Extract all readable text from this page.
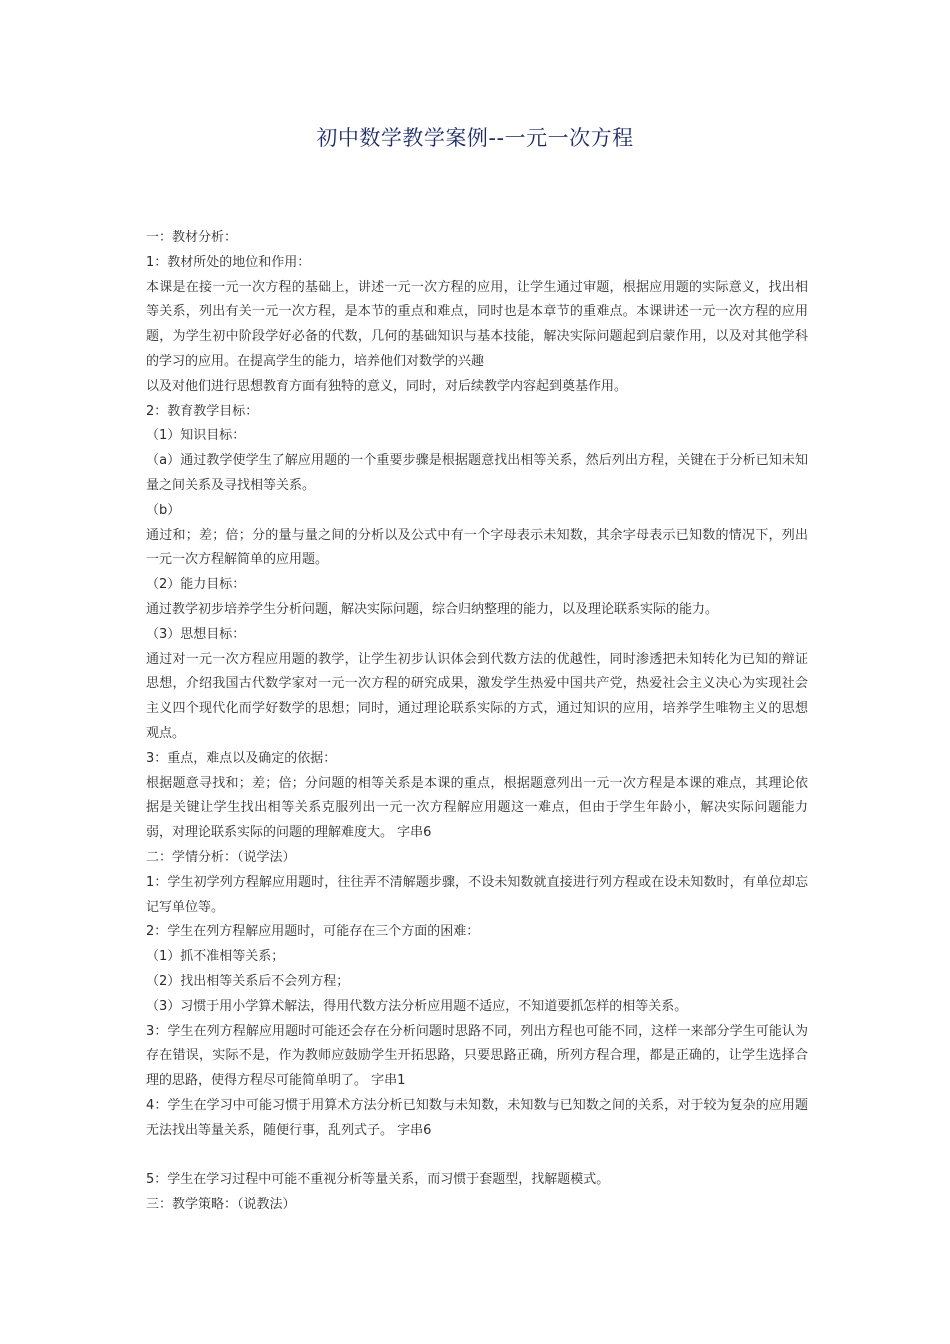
初中数学教学案例--一元一次方程

一：教材分析：

1：教材所处的地位和作用：

本课是在接一元一次方程的基础上，讲述一元一次方程的应用，让学生通过审题，根据应用题的实际意义，找出相等关系，列出有关一元一次方程，是本节的重点和难点，同时也是本章节的重难点。本课讲述一元一次方程的应用题，为学生初中阶段学好必备的代数，几何的基础知识与基本技能，解决实际问题起到启蒙作用，以及对其他学科的学习的应用。在提高学生的能力，培养他们对数学的兴趣

以及对他们进行思想教育方面有独特的意义，同时，对后续教学内容起到奠基作用。

2：教育教学目标：

（1）知识目标：

（a）通过教学使学生了解应用题的一个重要步骤是根据题意找出相等关系，然后列出方程，关键在于分析已知未知量之间关系及寻找相等关系。

（b）

通过和；差；倍；分的量与量之间的分析以及公式中有一个字母表示未知数，其余字母表示已知数的情况下，列出一元一次方程解简单的应用题。

（2）能力目标：

通过教学初步培养学生分析问题，解决实际问题，综合归纳整理的能力，以及理论联系实际的能力。

（3）思想目标：

通过对一元一次方程应用题的教学，让学生初步认识体会到代数方法的优越性，同时渗透把未知转化为已知的辩证思想，介绍我国古代数学家对一元一次方程的研究成果，激发学生热爱中国共产党，热爱社会主义决心为实现社会主义四个现代化而学好数学的思想；同时，通过理论联系实际的方式，通过知识的应用，培养学生唯物主义的思想观点。

3：重点，难点以及确定的依据：

根据题意寻找和；差；倍；分问题的相等关系是本课的重点，根据题意列出一元一次方程是本课的难点，其理论依据是关键让学生找出相等关系克服列出一元一次方程解应用题这一难点，但由于学生年龄小，解决实际问题能力弱，对理论联系实际的问题的理解难度大。 字串6

二：学情分析：（说学法）

1：学生初学列方程解应用题时，往往弄不清解题步骤，不设未知数就直接进行列方程或在设未知数时，有单位却忘记写单位等。

2：学生在列方程解应用题时，可能存在三个方面的困难：

（1）抓不准相等关系；

（2）找出相等关系后不会列方程；

（3）习惯于用小学算术解法，得用代数方法分析应用题不适应，不知道要抓怎样的相等关系。

3：学生在列方程解应用题时可能还会存在分析问题时思路不同，列出方程也可能不同，这样一来部分学生可能认为存在错误，实际不是，作为教师应鼓励学生开拓思路，只要思路正确，所列方程合理，都是正确的，让学生选择合理的思路，使得方程尽可能简单明了。 字串1

4：学生在学习中可能习惯于用算术方法分析已知数与未知数，未知数与已知数之间的关系，对于较为复杂的应用题无法找出等量关系，随便行事，乱列式子。 字串6

5：学生在学习过程中可能不重视分析等量关系，而习惯于套题型，找解题模式。

三：教学策略：（说教法）
